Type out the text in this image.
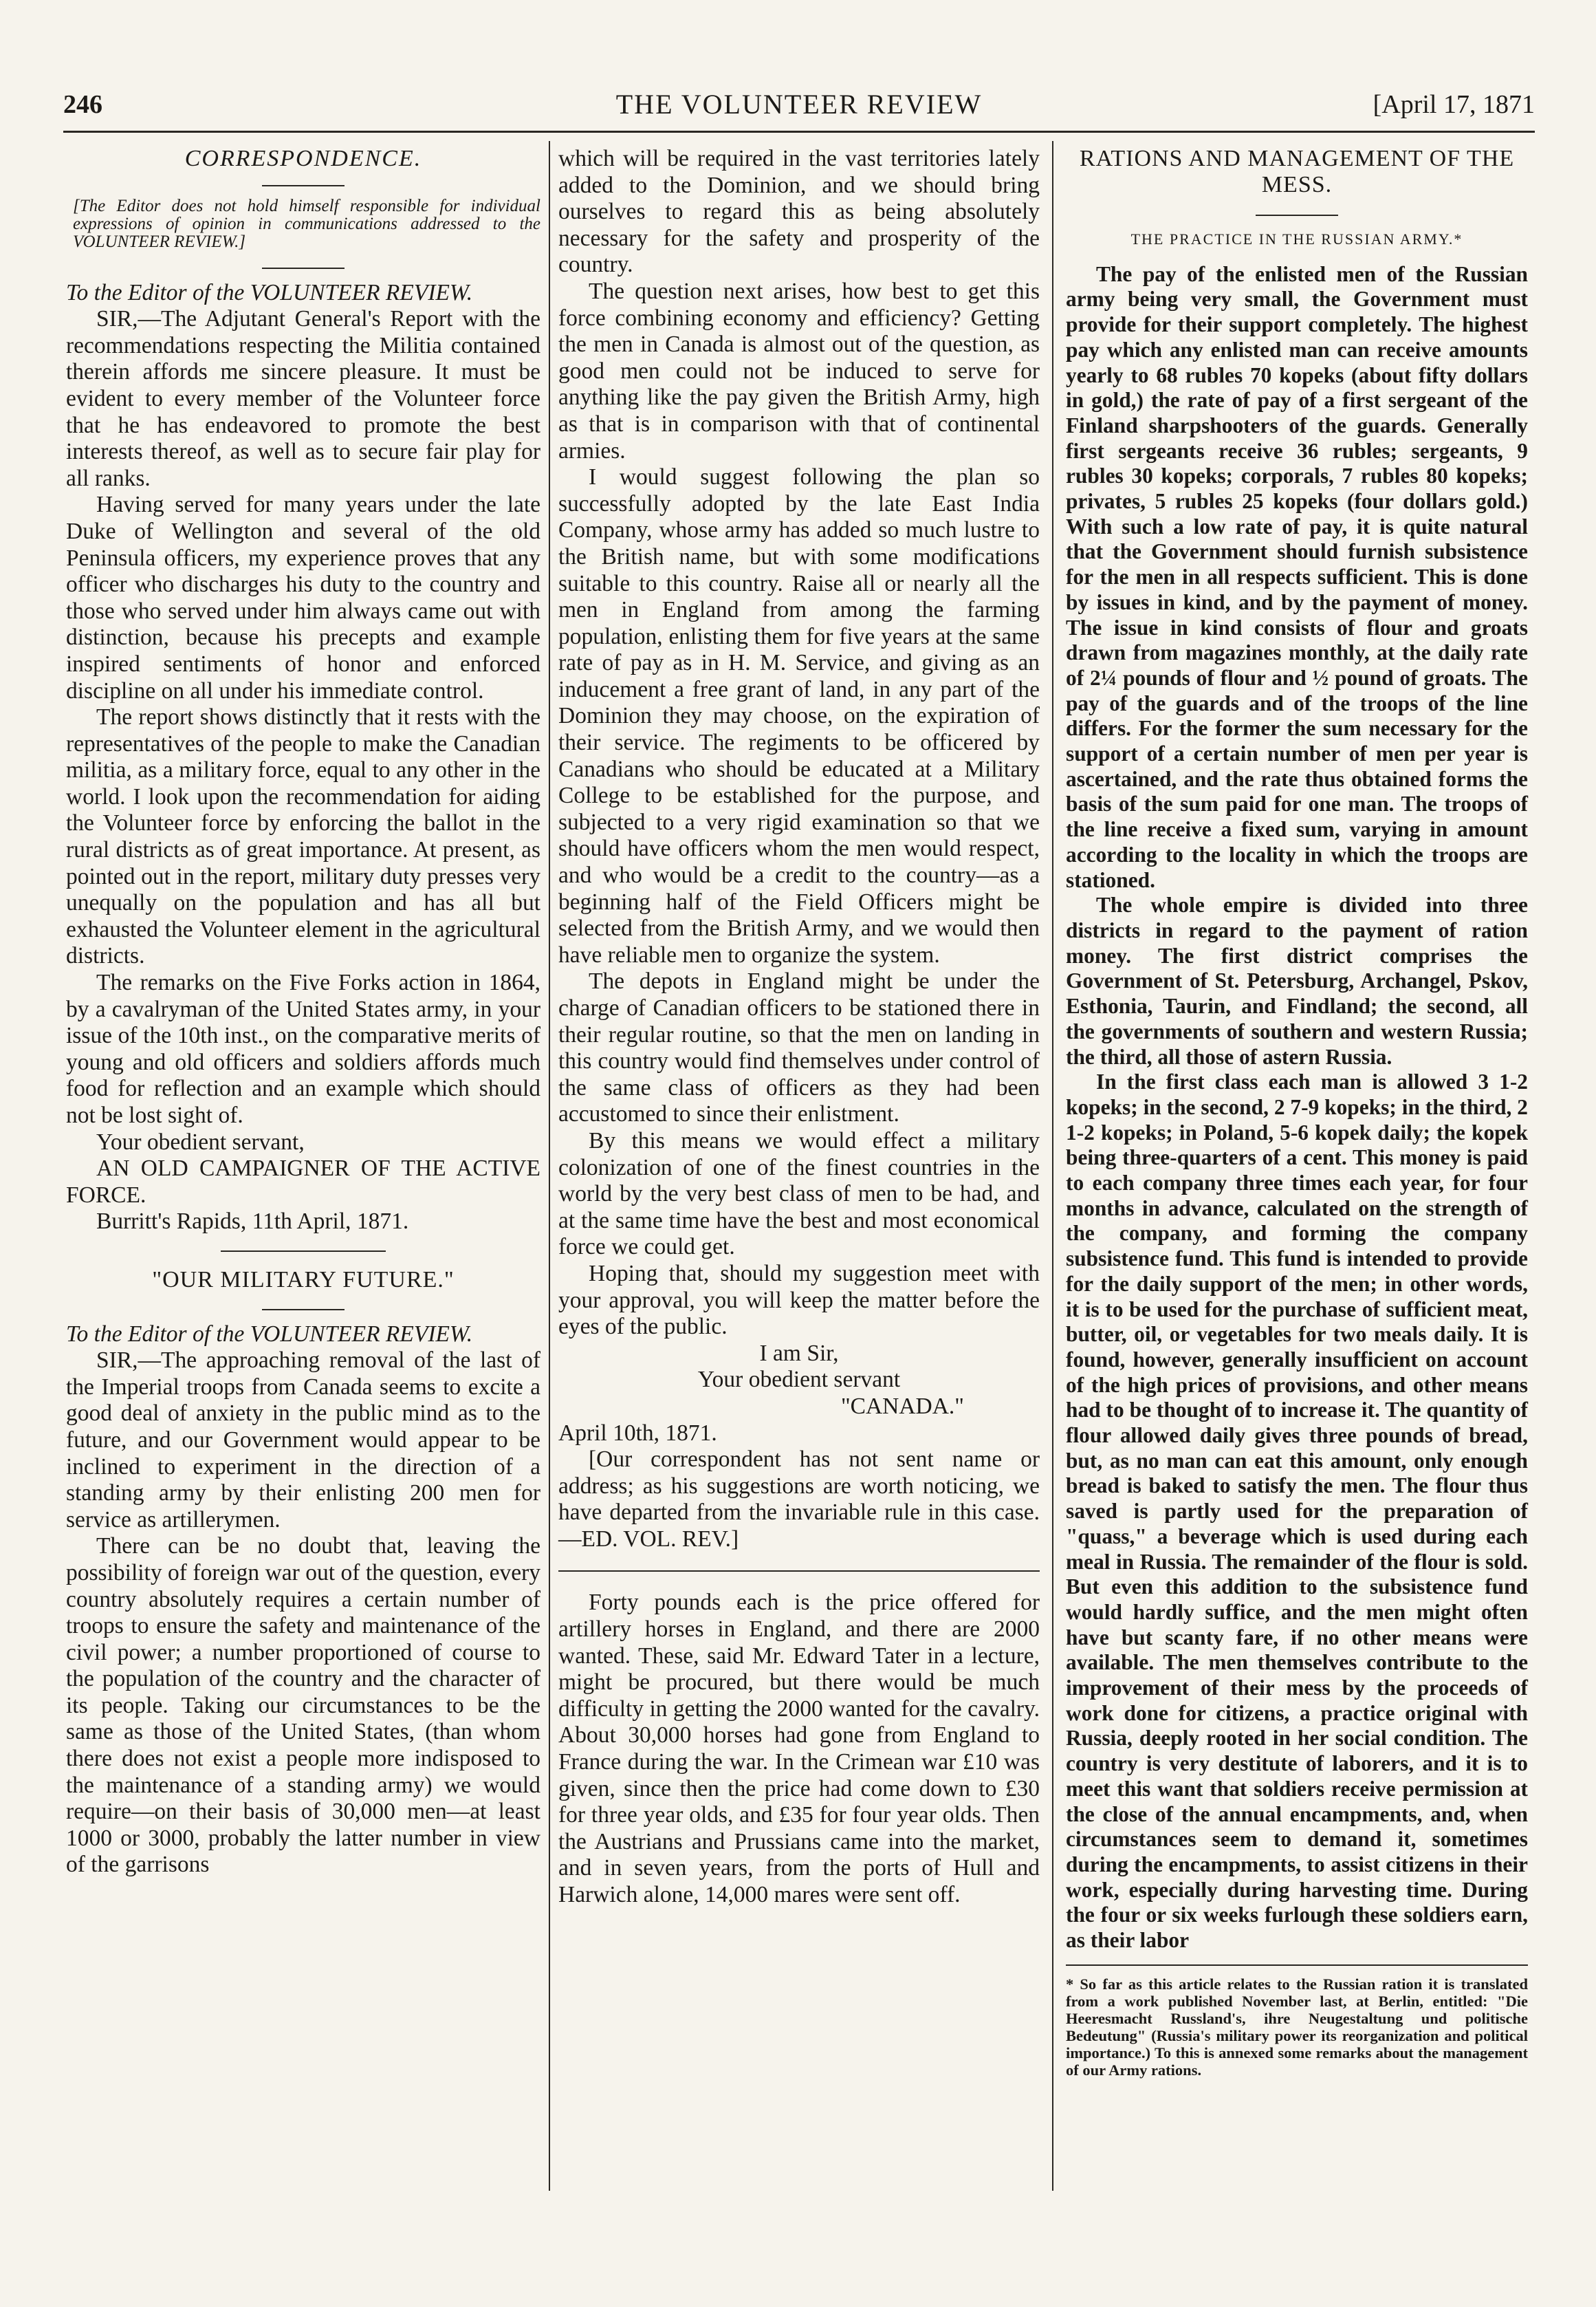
246	THE VOLUNTEER REVIEW	[April 17, 1871

CORRESPONDENCE.

[The Editor does not hold himself responsible for individual expressions of opinion in communications addressed to the VOLUNTEER REVIEW.]

To the Editor of the VOLUNTEER REVIEW.

SIR,—The Adjutant General's Report with the recommendations respecting the Militia contained therein affords me sincere pleasure. It must be evident to every member of the Volunteer force that he has endeavored to promote the best interests thereof, as well as to secure fair play for all ranks.

Having served for many years under the late Duke of Wellington and several of the old Peninsula officers, my experience proves that any officer who discharges his duty to the country and those who served under him always came out with distinction, because his precepts and example inspired sentiments of honor and enforced discipline on all under his immediate control.

The report shows distinctly that it rests with the representatives of the people to make the Canadian militia, as a military force, equal to any other in the world. I look upon the recommendation for aiding the Volunteer force by enforcing the ballot in the rural districts as of great importance. At present, as pointed out in the report, military duty presses very unequally on the population and has all but exhausted the Volunteer element in the agricultural districts.

The remarks on the Five Forks action in 1864, by a cavalryman of the United States army, in your issue of the 10th inst., on the comparative merits of young and old officers and soldiers affords much food for reflection and an example which should not be lost sight of.

Your obedient servant,

AN OLD CAMPAIGNER OF THE ACTIVE FORCE.

Burritt's Rapids, 11th April, 1871.

"OUR MILITARY FUTURE."

To the Editor of the VOLUNTEER REVIEW.

SIR,—The approaching removal of the last of the Imperial troops from Canada seems to excite a good deal of anxiety in the public mind as to the future, and our Government would appear to be inclined to experiment in the direction of a standing army by their enlisting 200 men for service as artillerymen.

There can be no doubt that, leaving the possibility of foreign war out of the question, every country absolutely requires a certain number of troops to ensure the safety and maintenance of the civil power; a number proportioned of course to the population of the country and the character of its people. Taking our circumstances to be the same as those of the United States, (than whom there does not exist a people more indisposed to the maintenance of a standing army) we would require—on their basis of 30,000 men—at least 1000 or 3000, probably the latter number in view of the garrisons

which will be required in the vast territories lately added to the Dominion, and we should bring ourselves to regard this as being absolutely necessary for the safety and prosperity of the country.

The question next arises, how best to get this force combining economy and efficiency? Getting the men in Canada is almost out of the question, as good men could not be induced to serve for anything like the pay given the British Army, high as that is in comparison with that of continental armies.

I would suggest following the plan so successfully adopted by the late East India Company, whose army has added so much lustre to the British name, but with some modifications suitable to this country. Raise all or nearly all the men in England from among the farming population, enlisting them for five years at the same rate of pay as in H. M. Service, and giving as an inducement a free grant of land, in any part of the Dominion they may choose, on the expiration of their service. The regiments to be officered by Canadians who should be educated at a Military College to be established for the purpose, and subjected to a very rigid examination so that we should have officers whom the men would respect, and who would be a credit to the country—as a beginning half of the Field Officers might be selected from the British Army, and we would then have reliable men to organize the system.

The depots in England might be under the charge of Canadian officers to be stationed there in their regular routine, so that the men on landing in this country would find themselves under control of the same class of officers as they had been accustomed to since their enlistment.

By this means we would effect a military colonization of one of the finest countries in the world by the very best class of men to be had, and at the same time have the best and most economical force we could get.

Hoping that, should my suggestion meet with your approval, you will keep the matter before the eyes of the public.

I am Sir,

Your obedient servant

"CANADA."

April 10th, 1871.

[Our correspondent has not sent name or address; as his suggestions are worth noticing, we have departed from the invariable rule in this case.—ED. VOL. REV.]

Forty pounds each is the price offered for artillery horses in England, and there are 2000 wanted. These, said Mr. Edward Tater in a lecture, might be procured, but there would be much difficulty in getting the 2000 wanted for the cavalry. About 30,000 horses had gone from England to France during the war. In the Crimean war £10 was given, since then the price had come down to £30 for three year olds, and £35 for four year olds. Then the Austrians and Prussians came into the market, and in seven years, from the ports of Hull and Harwich alone, 14,000 mares were sent off.

RATIONS AND MANAGEMENT OF THE MESS.

THE PRACTICE IN THE RUSSIAN ARMY.*

The pay of the enlisted men of the Russian army being very small, the Government must provide for their support completely. The highest pay which any enlisted man can receive amounts yearly to 68 rubles 70 kopeks (about fifty dollars in gold,) the rate of pay of a first sergeant of the Finland sharpshooters of the guards. Generally first sergeants receive 36 rubles; sergeants, 9 rubles 30 kopeks; corporals, 7 rubles 80 kopeks; privates, 5 rubles 25 kopeks (four dollars gold.) With such a low rate of pay, it is quite natural that the Government should furnish subsistence for the men in all respects sufficient. This is done by issues in kind, and by the payment of money. The issue in kind consists of flour and groats drawn from magazines monthly, at the daily rate of 2¼ pounds of flour and ½ pound of groats. The pay of the guards and of the troops of the line differs. For the former the sum necessary for the support of a certain number of men per year is ascertained, and the rate thus obtained forms the basis of the sum paid for one man. The troops of the line receive a fixed sum, varying in amount according to the locality in which the troops are stationed.

The whole empire is divided into three districts in regard to the payment of ration money. The first district comprises the Government of St. Petersburg, Archangel, Pskov, Esthonia, Taurin, and Findland; the second, all the governments of southern and western Russia; the third, all those of astern Russia.

In the first class each man is allowed 3 1-2 kopeks; in the second, 2 7-9 kopeks; in the third, 2 1-2 kopeks; in Poland, 5-6 kopek daily; the kopek being three-quarters of a cent. This money is paid to each company three times each year, for four months in advance, calculated on the strength of the company, and forming the company subsistence fund. This fund is intended to provide for the daily support of the men; in other words, it is to be used for the purchase of sufficient meat, butter, oil, or vegetables for two meals daily. It is found, however, generally insufficient on account of the high prices of provisions, and other means had to be thought of to increase it. The quantity of flour allowed daily gives three pounds of bread, but, as no man can eat this amount, only enough bread is baked to satisfy the men. The flour thus saved is partly used for the preparation of "quass," a beverage which is used during each meal in Russia. The remainder of the flour is sold. But even this addition to the subsistence fund would hardly suffice, and the men might often have but scanty fare, if no other means were available. The men themselves contribute to the improvement of their mess by the proceeds of work done for citizens, a practice original with Russia, deeply rooted in her social condition. The country is very destitute of laborers, and it is to meet this want that soldiers receive permission at the close of the annual encampments, and, when circumstances seem to demand it, sometimes during the encampments, to assist citizens in their work, especially during harvesting time. During the four or six weeks furlough these soldiers earn, as their labor

* So far as this article relates to the Russian ration it is translated from a work published November last, at Berlin, entitled: "Die Heeresmacht Russland's, ihre Neugestaltung und politische Bedeutung" (Russia's military power its reorganization and political importance.) To this is annexed some remarks about the management of our Army rations.
